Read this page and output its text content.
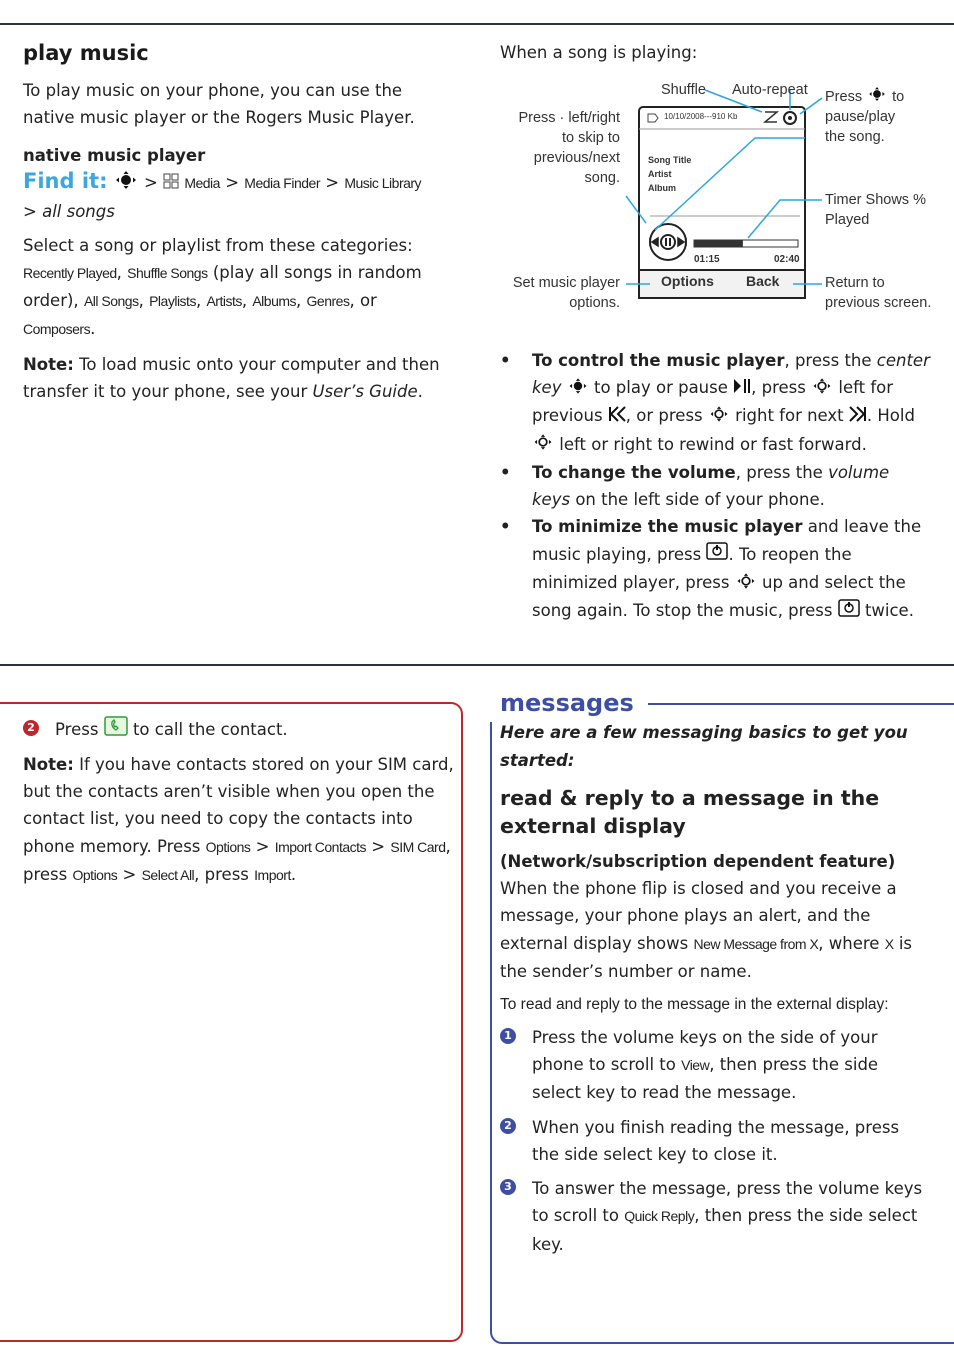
play music

To play music on your phone, you can use the native music player or the Rogers Music Player.

native music player
Find it: > Media > Media Finder > Music Library
> all songs

Select a song or playlist from these categories:

Recently Played, Shuffle Songs (play all songs in random order), All Songs, Playlists, Artists, Albums, Genres, or Composers.

Note: To load music onto your computer and then transfer it to your phone, see your User’s Guide.

When a song is playing:

10/10/2008---910 Kb
Song Title
Artist
Album
01:15	02:40
Options Back
Shuffle Auto-repeat
Press · left/right to skip to previous/next song.
Press to
pause/play
the song.
Timer Shows %
Played
Set music player
options.
Return to
previous screen.
• To control the music player, press the center key to play or pause , press left for previous , or press right for next . Hold  left or right to rewind or fast forward.
• To change the volume, press the volume keys on the left side of your phone.
• To minimize the music player and leave the music playing, press . To reopen the minimized player, press up and select the song again. To stop the music, press twice.
2 Press to call the contact.

Note: If you have contacts stored on your SIM card, but the contacts aren’t visible when you open the contact list, you need to copy the contacts into phone memory. Press Options > Import Contacts > SIM Card, press Options > Select All, press Import.

messages

Here are a few messaging basics to get you started:

read & reply to a message in the external display

(Network/subscription dependent feature) When the phone flip is closed and you receive a message, your phone plays an alert, and the external display shows New Message from X, where X is the sender’s number or name.

To read and reply to the message in the external display:

1 Press the volume keys on the side of your phone to scroll to View, then press the side select key to read the message.
2 When you finish reading the message, press the side select key to close it.
3 To answer the message, press the volume keys to scroll to Quick Reply, then press the side select key.
